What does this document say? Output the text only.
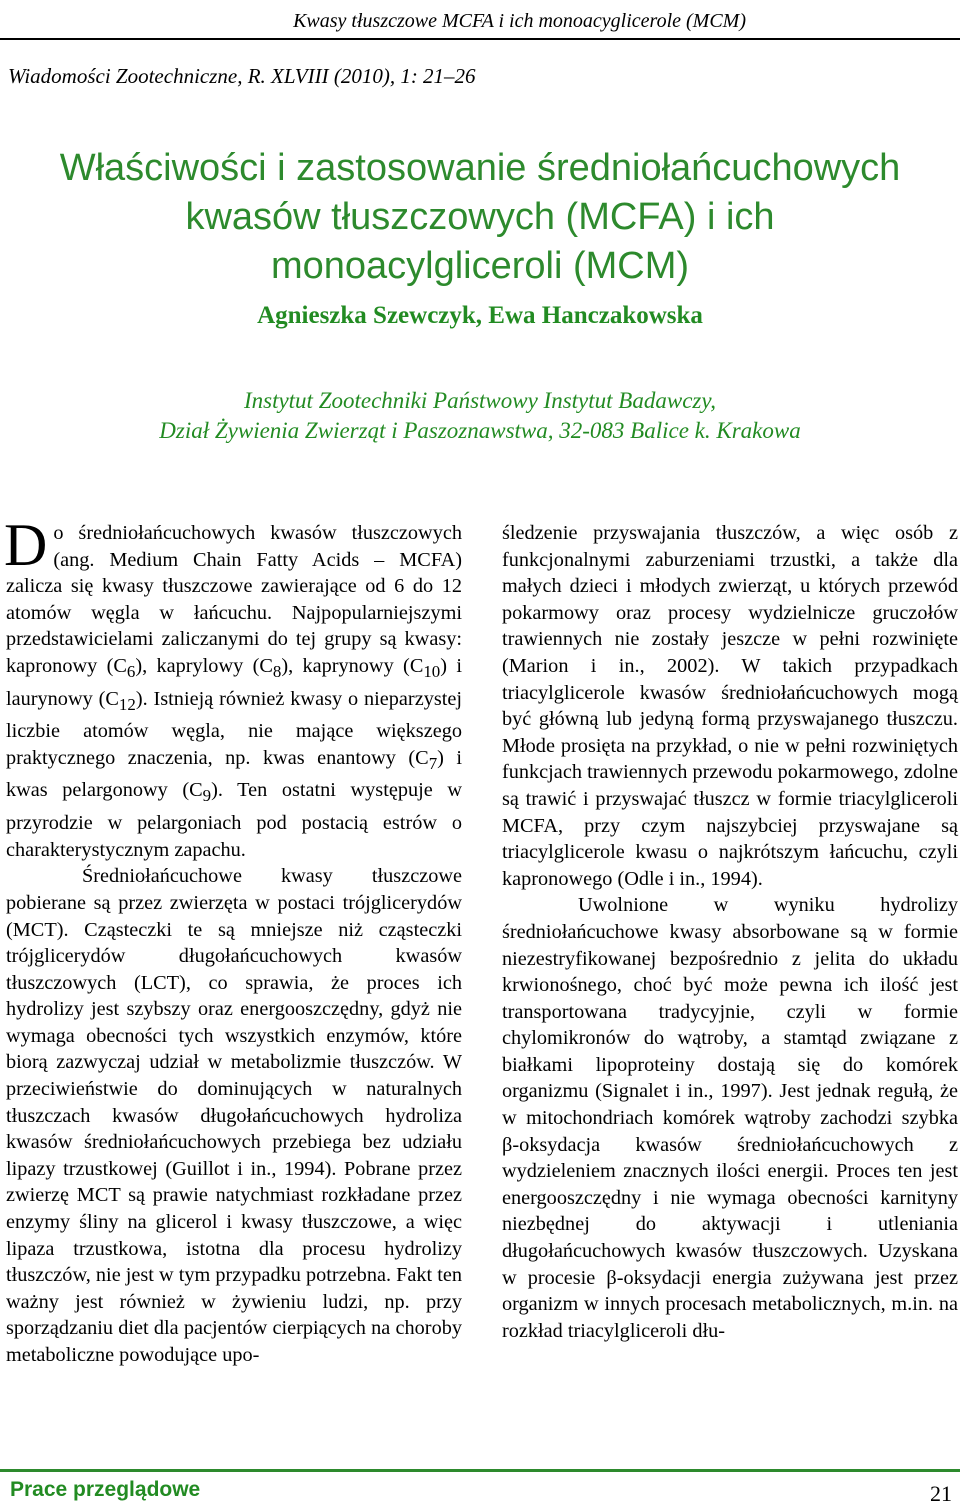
Kwasy tłuszczowe MCFA i ich monoacyglicerole (MCM)
Wiadomości Zootechniczne, R. XLVIII (2010), 1: 21–26
Właściwości i zastosowanie średniołańcuchowych
kwasów tłuszczowych (MCFA) i ich
monoacylgliceroli (MCM)
Agnieszka Szewczyk, Ewa Hanczakowska
Instytut Zootechniki Państwowy Instytut Badawczy,
Dział Żywienia Zwierząt i Paszoznawstwa, 32-083 Balice k. Krakowa

Do średniołańcuchowych kwasów tłuszczowych (ang. Medium Chain Fatty Acids – MCFA) zalicza się kwasy tłuszczowe zawierające od 6 do 12 atomów węgla w łańcuchu. Najpopularniejszymi przedstawicielami zaliczanymi do tej grupy są kwasy: kapronowy $(C_6)$, kaprylowy $(C_8)$, kaprynowy $(C_{10})$ i laurynowy $(C_{12})$. Istnieją również kwasy o nieparzystej liczbie atomów węgla, nie mające większego praktycznego znaczenia, np. kwas enantowy $(C_7)$ i kwas pelargonowy $(C_9)$. Ten ostatni występuje w przyrodzie w pelargoniach pod postacią estrów o charakterystycznym zapachu.

Średniołańcuchowe kwasy tłuszczowe pobierane są przez zwierzęta w postaci trójglicerydów (MCT). Cząsteczki te są mniejsze niż cząsteczki trójglicerydów długołańcuchowych kwasów tłuszczowych (LCT), co sprawia, że proces ich hydrolizy jest szybszy oraz energooszczędny, gdyż nie wymaga obecności tych wszystkich enzymów, które biorą zazwyczaj udział w metabolizmie tłuszczów. W przeciwieństwie do dominujących w naturalnych tłuszczach kwasów długołańcuchowych hydroliza kwasów średniołańcuchowych przebiega bez udziału lipazy trzustkowej (Guillot i in., 1994). Pobrane przez zwierzę MCT są prawie natychmiast rozkładane przez enzymy śliny na glicerol i kwasy tłuszczowe, a więc lipaza trzustkowa, istotna dla procesu hydrolizy tłuszczów, nie jest w tym przypadku potrzebna. Fakt ten ważny jest również w żywieniu ludzi, np. przy sporządzaniu diet dla pacjentów cierpiących na choroby metaboliczne powodujące upo-

śledzenie przyswajania tłuszczów, a więc osób z funkcjonalnymi zaburzeniami trzustki, a także dla małych dzieci i młodych zwierząt, u których przewód pokarmowy oraz procesy wydzielnicze gruczołów trawiennych nie zostały jeszcze w pełni rozwinięte (Marion i in., 2002). W takich przypadkach triacylglicerole kwasów średniołańcuchowych mogą być główną lub jedyną formą przyswajanego tłuszczu. Młode prosięta na przykład, o nie w pełni rozwiniętych funkcjach trawiennych przewodu pokarmowego, zdolne są trawić i przyswajać tłuszcz w formie triacylglicerolі MCFA, przy czym najszybciej przyswajane są triacylglicerole kwasu o najkrótszym łańcuchu, czyli kapronowego (Odle i in., 1994).

Uwolnione w wyniku hydrolizy średniołańcuchowe kwasy absorbowane są w formie niezestryfikowanej bezpośrednio z jelita do układu krwionośnego, choć być może pewna ich ilość jest transportowana tradycyjnie, czyli w formie chylomikronów do wątroby, a stamtąd związane z białkami lipoproteiny dostają się do komórek organizmu (Signalet i in., 1997). Jest jednak regułą, że w mitochondriach komórek wątroby zachodzi szybka β-oksydacja kwasów średniołańcuchowych z wydzieleniem znacznych ilości energii. Proces ten jest energooszczędny i nie wymaga obecności karnityny niezbędnej do aktywacji i utleniania długołańcuchowych kwasów tłuszczowych. Uzyskana w procesie β-oksydacji energia zużywana jest przez organizm w innych procesach metabolicznych, m.in. na rozkład triacylglicerolі dłu-

Prace przeglądowe	21
